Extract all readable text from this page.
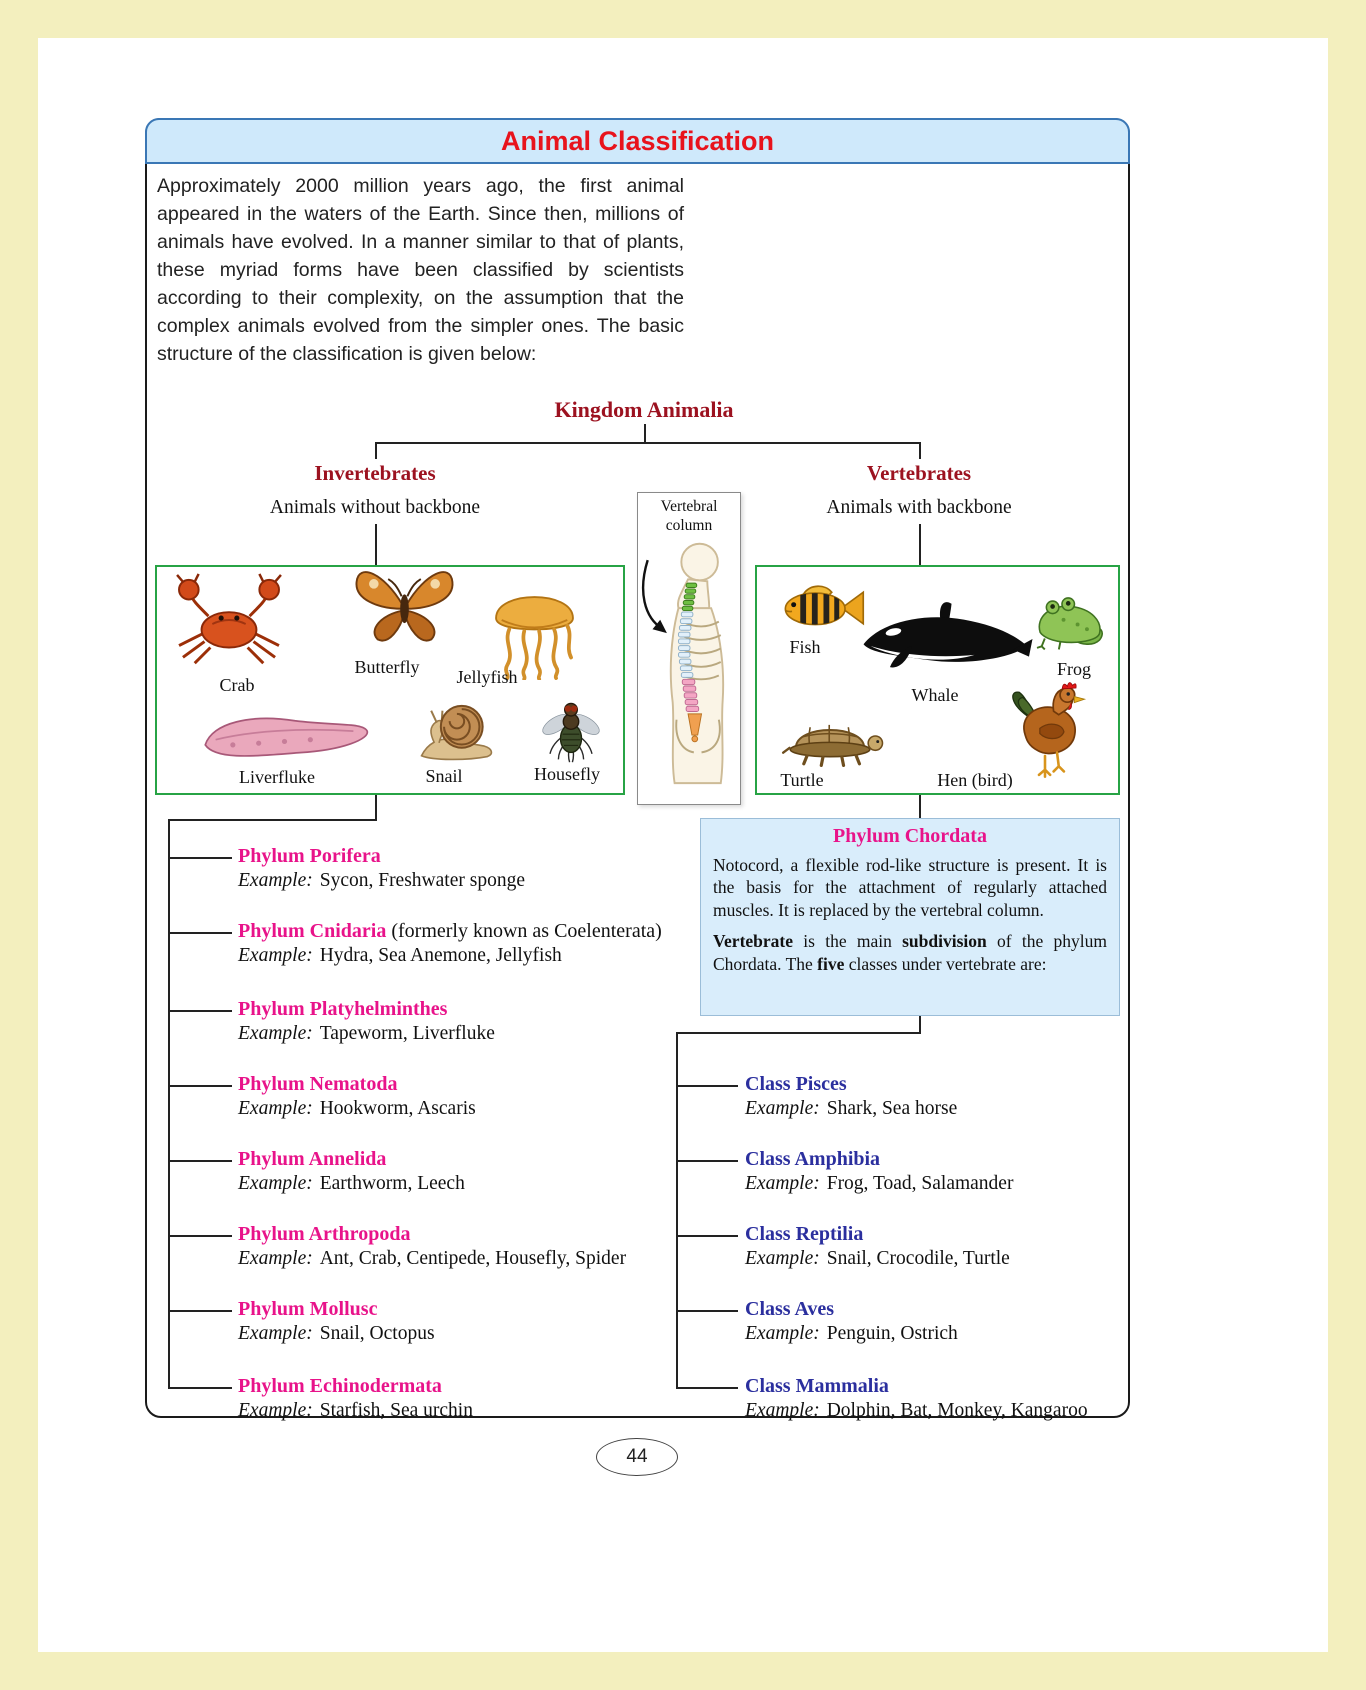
Animal Classification
Approximately 2000 million years ago, the first animal appeared in the waters of the Earth. Since then, millions of animals have evolved. In a manner similar to that of plants, these myriad forms have been classified by scientists according to their complexity, on the assumption that the complex animals evolved from the simpler ones. The basic structure of the classification is given below:
Kingdom Animalia
Invertebrates
Animals without backbone
Vertebrates
Animals with backbone
Crab
Butterfly Jellyfish
Liverfluke	Snail	Housefly
Vertebral column
Fish
Whale
Frog
Turtle	Hen (bird)
Phylum Porifera
Example: Sycon, Freshwater sponge
Phylum Cnidaria (formerly known as Coelenterata)
Example: Hydra, Sea Anemone, Jellyfish
Phylum Platyhelminthes
Example: Tapeworm, Liverfluke
Phylum Nematoda
Example: Hookworm, Ascaris
Phylum Annelida
Example: Earthworm, Leech
Phylum Arthropoda
Example: Ant, Crab, Centipede, Housefly, Spider
Phylum Mollusc
Example: Snail, Octopus
Phylum Echinodermata
Example: Starfish, Sea urchin
Phylum Chordata

Notocord, a flexible rod-like structure is present. It is the basis for the attachment of regularly attached muscles. It is replaced by the vertebral column.

Vertebrate is the main subdivision of the phylum Chordata. The five classes under vertebrate are:

Class Pisces
Example: Shark, Sea horse
Class Amphibia
Example: Frog, Toad, Salamander
Class Reptilia
Example: Snail, Crocodile, Turtle
Class Aves
Example: Penguin, Ostrich
Class Mammalia
Example: Dolphin, Bat, Monkey, Kangaroo
44
